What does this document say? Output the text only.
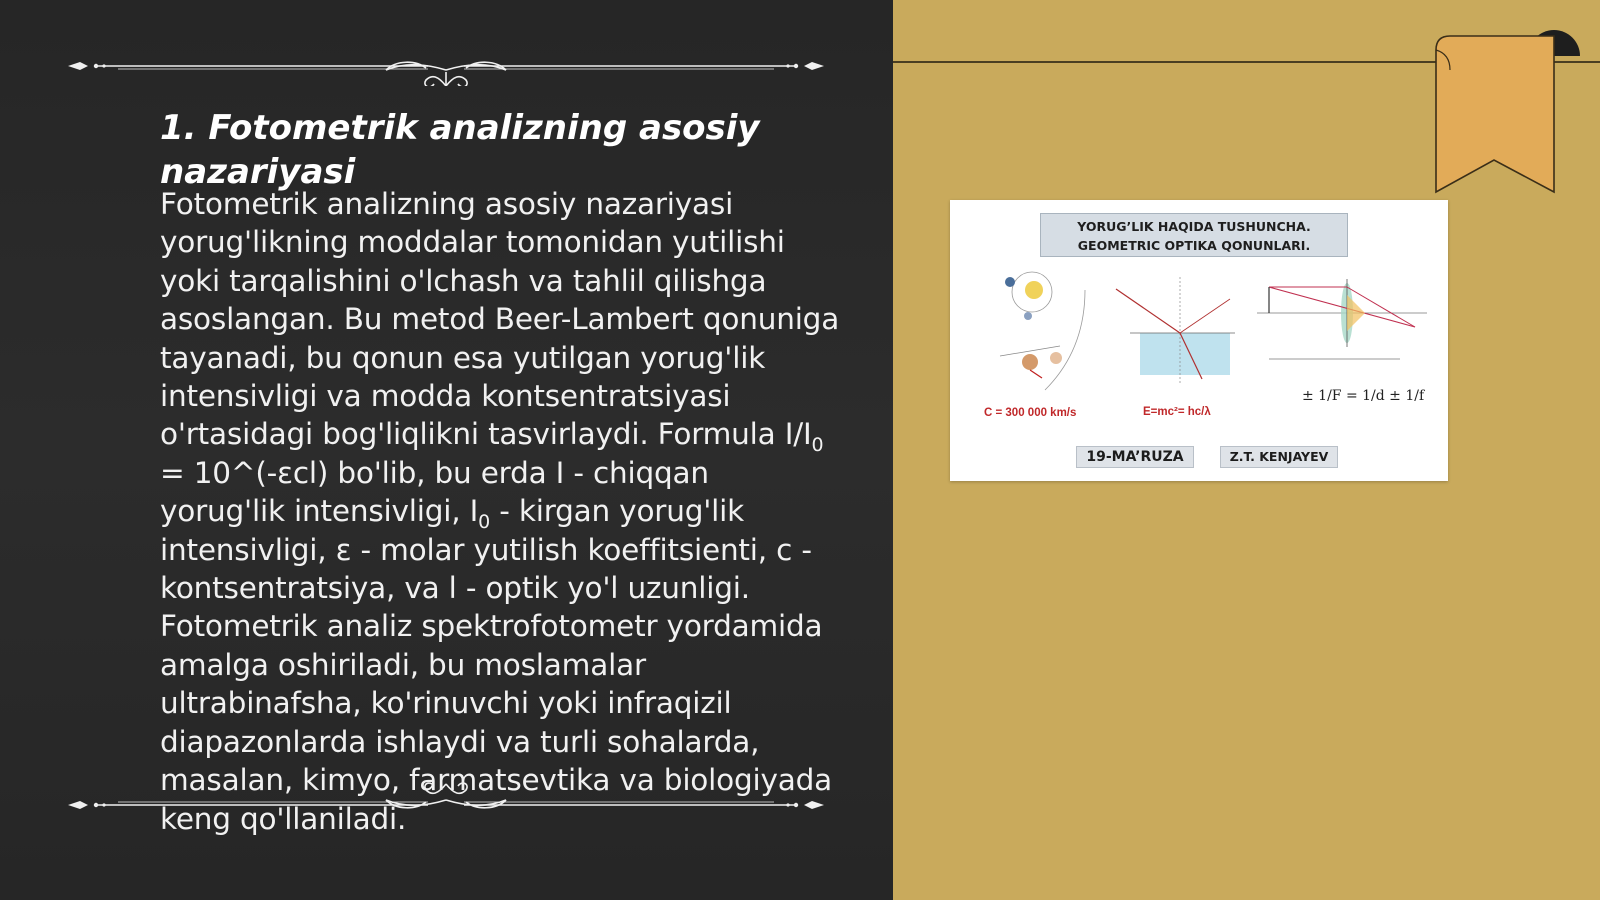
1. Fotometrik analizning asosiy nazariyasi

Fotometrik analizning asosiy nazariyasi yorug'likning moddalar tomonidan yutilishi yoki tarqalishini o'lchash va tahlil qilishga asoslangan. Bu metod Beer-Lambert qonuniga tayanadi, bu qonun esa yutilgan yorug'lik intensivligi va modda kontsentratsiyasi o'rtasidagi bog'liqlikni tasvirlaydi. Formula $I/I_0$ = 10^(-εcl) bo'lib, bu erda I - chiqqan yorug'lik intensivligi, $I_0$ - kirgan yorug'lik intensivligi, ε - molar yutilish koeffitsienti, c - kontsentratsiya, va l - optik yo'l uzunligi. Fotometrik analiz spektrofotometr yordamida amalga oshiriladi, bu moslamalar ultrabinafsha, ko'rinuvchi yoki infraqizil diapazonlarda ishlaydi va turli sohalarda, masalan, kimyo, farmatsevtika va biologiyada keng qo'llaniladi.

YORUG’LIK HAQIDA TUSHUNCHA.
GEOMETRIC OPTIKA QONUNLARI.
C = 300 000 km/s	E=mc²= hc/λ
± 1/F = 1/d ± 1/f
19-MA’RUZA	Z.T. KENJAYEV
